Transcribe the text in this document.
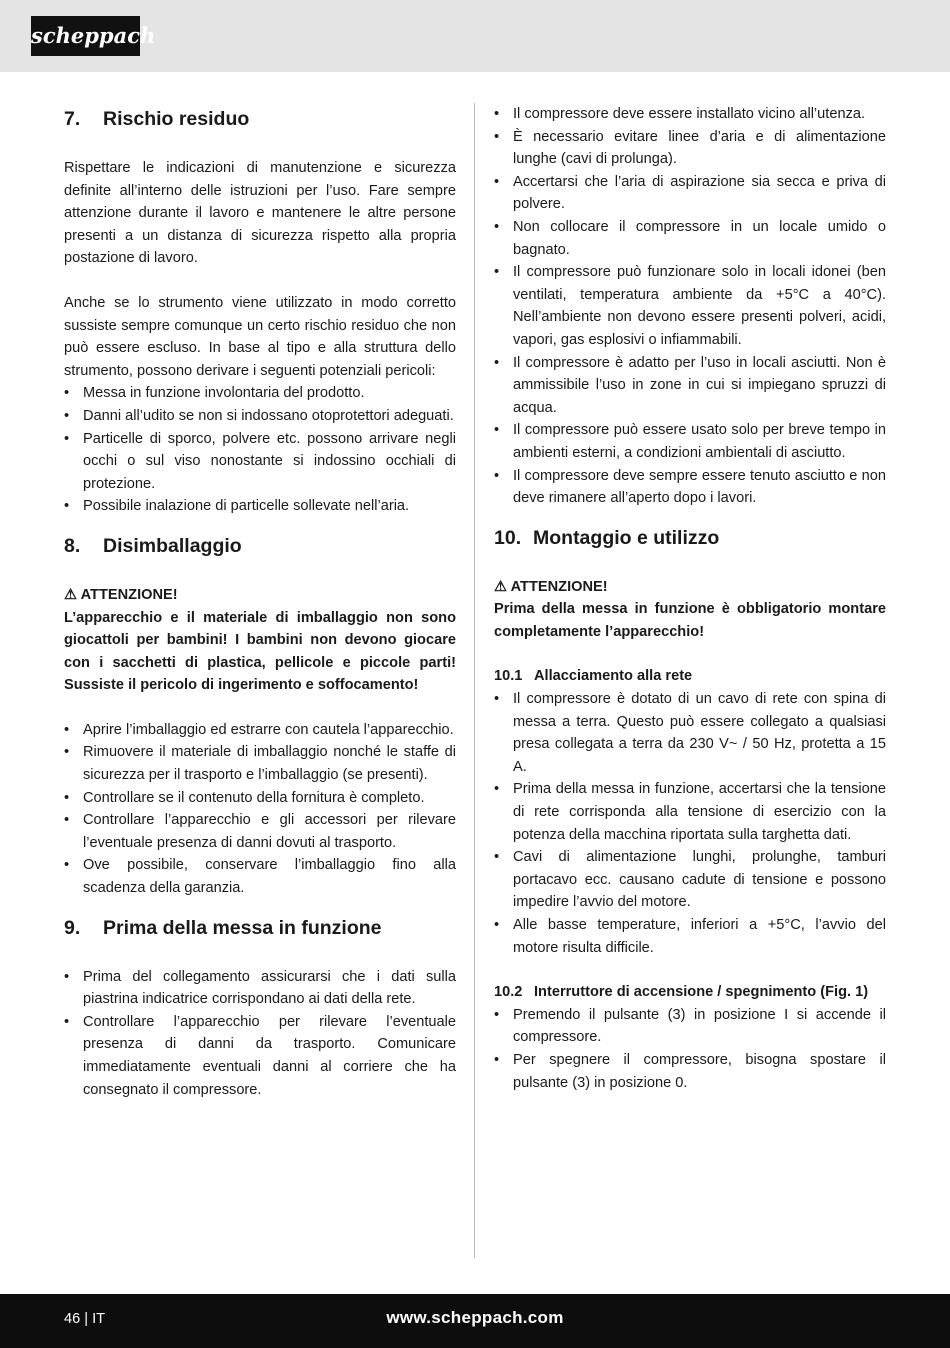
scheppach
7.	Rischio residuo

Rispettare le indicazioni di manutenzione e sicurezza definite all’interno delle istruzioni per l’uso. Fare sempre attenzione durante il lavoro e mantenere le altre persone presenti a un distanza di sicurezza rispetto alla propria postazione di lavoro.

Anche se lo strumento viene utilizzato in modo corretto sussiste sempre comunque un certo rischio residuo che non può essere escluso. In base al tipo e alla struttura dello strumento, possono derivare i seguenti potenziali pericoli:

• Messa in funzione involontaria del prodotto.
• Danni all’udito se non si indossano otoprotettori adeguati.
• Particelle di sporco, polvere etc. possono arrivare negli occhi o sul viso nonostante si indossino occhiali di protezione.
• Possibile inalazione di particelle sollevate nell’aria.
8.	Disimballaggio

⚠ ATTENZIONE!

L’apparecchio e il materiale di imballaggio non sono giocattoli per bambini! I bambini non devono giocare con i sacchetti di plastica, pellicole e piccole parti! Sussiste il pericolo di ingerimento e soffocamento!

• Aprire l’imballaggio ed estrarre con cautela l’apparecchio.
• Rimuovere il materiale di imballaggio nonché le staffe di sicurezza per il trasporto e l’imballaggio (se presenti).
• Controllare se il contenuto della fornitura è completo.
• Controllare l’apparecchio e gli accessori per rilevare l’eventuale presenza di danni dovuti al trasporto.
• Ove possibile, conservare l’imballaggio fino alla scadenza della garanzia.
9.	Prima della messa in funzione
• Prima del collegamento assicurarsi che i dati sulla piastrina indicatrice corrispondano ai dati della rete.
• Controllare l’apparecchio per rilevare l’eventuale presenza di danni da trasporto. Comunicare immediatamente eventuali danni al corriere che ha consegnato il compressore.
• Il compressore deve essere installato vicino all’utenza.
• È necessario evitare linee d’aria e di alimentazione lunghe (cavi di prolunga).
• Accertarsi che l’aria di aspirazione sia secca e priva di polvere.
• Non collocare il compressore in un locale umido o bagnato.
• Il compressore può funzionare solo in locali idonei (ben ventilati, temperatura ambiente da +5°C a 40°C). Nell’ambiente non devono essere presenti polveri, acidi, vapori, gas esplosivi o infiammabili.
• Il compressore è adatto per l’uso in locali asciutti. Non è ammissibile l’uso in zone in cui si impiegano spruzzi di acqua.
• Il compressore può essere usato solo per breve tempo in ambienti esterni, a condizioni ambientali di asciutto.
• Il compressore deve sempre essere tenuto asciutto e non deve rimanere all’aperto dopo i lavori.
10. Montaggio e utilizzo

⚠ ATTENZIONE!

Prima della messa in funzione è obbligatorio montare completamente l’apparecchio!

10.1 Allacciamento alla rete
• Il compressore è dotato di un cavo di rete con spina di messa a terra. Questo può essere collegato a qualsiasi presa collegata a terra da 230 V~ / 50 Hz, protetta a 15 A.
• Prima della messa in funzione, accertarsi che la tensione di rete corrisponda alla tensione di esercizio con la potenza della macchina riportata sulla targhetta dati.
• Cavi di alimentazione lunghi, prolunghe, tamburi portacavo ecc. causano cadute di tensione e possono impedire l’avvio del motore.
• Alle basse temperature, inferiori a +5°C, l’avvio del motore risulta difficile.
10.2 Interruttore di accensione / spegnimento (Fig. 1)
• Premendo il pulsante (3) in posizione I si accende il compressore.
• Per spegnere il compressore, bisogna spostare il pulsante (3) in posizione 0.
46 | IT	www.scheppach.com
